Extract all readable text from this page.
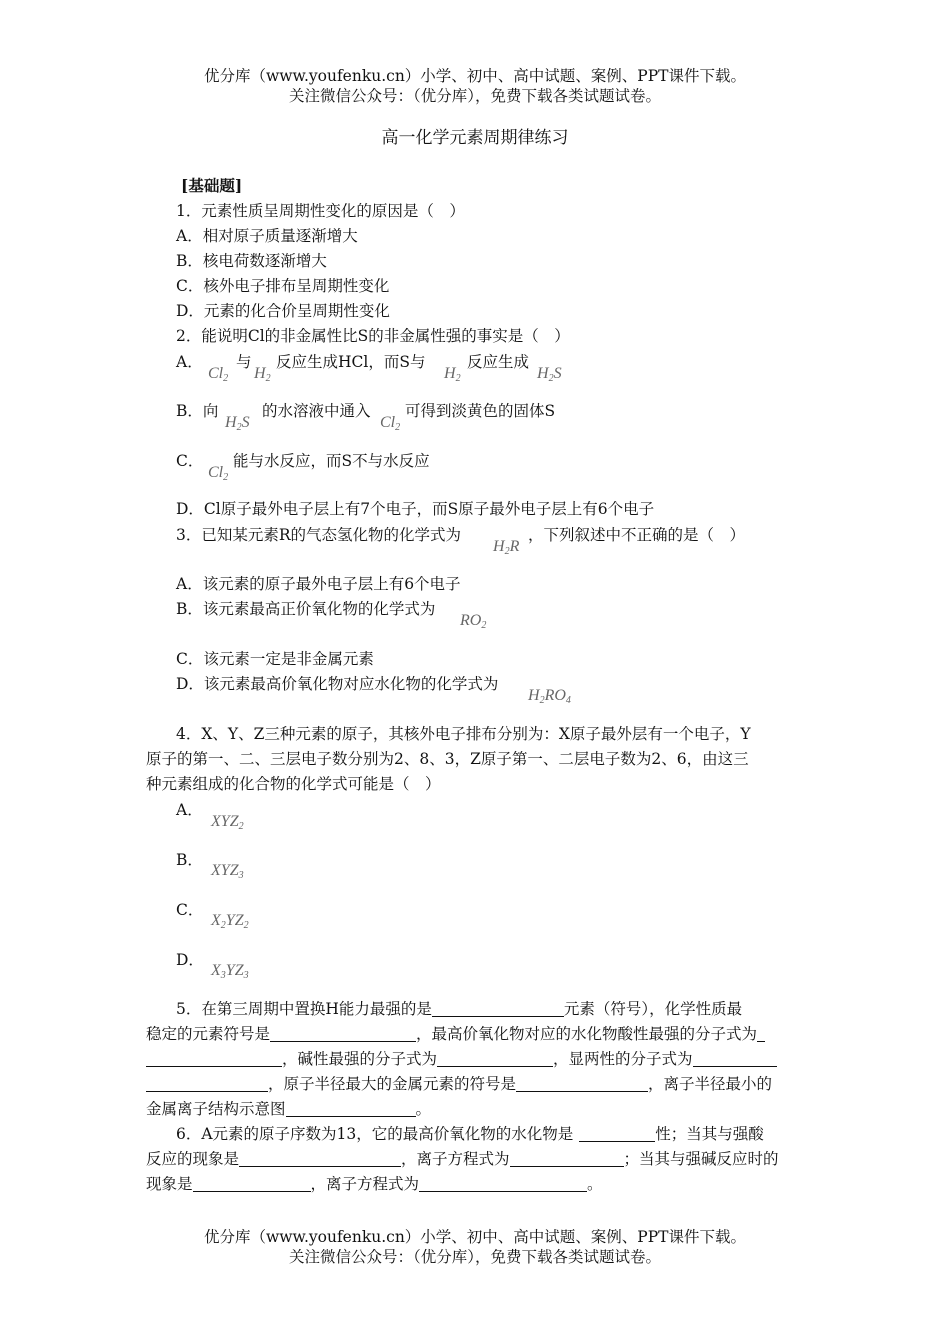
优分库（www.youfenku.cn）小学、初中、高中试题、案例、PPT课件下载。
关注微信公众号：（优分库），免费下载各类试题试卷。
高一化学元素周期律练习
[基础题]
1．元素性质呈周期性变化的原因是（　）
A．相对原子质量逐渐增大
B．核电荷数逐渐增大
C．核外电子排布呈周期性变化
D．元素的化合价呈周期性变化
2．能说明Cl的非金属性比S的非金属性强的事实是（　）
A．
$Cl_2$
与
$H_2$
反应生成HCl，而S与
$H_2$
反应生成
$H_2S$
B．向
$H_2S$
的水溶液中通入
$Cl_2$
可得到淡黄色的固体S
C．
$Cl_2$
能与水反应，而S不与水反应
D．Cl原子最外电子层上有7个电子，而S原子最外电子层上有6个电子
3．已知某元素R的气态氢化物的化学式为
$H_2R$
，下列叙述中不正确的是（　）
A．该元素的原子最外电子层上有6个电子
B．该元素最高正价氧化物的化学式为
$RO_2$
C．该元素一定是非金属元素
D．该元素最高价氧化物对应水化物的化学式为
$H_2RO_4$
4．X、Y、Z三种元素的原子，其核外电子排布分别为：X原子最外层有一个电子，Y
原子的第一、二、三层电子数分别为2、8、3，Z原子第一、二层电子数为2、6，由这三
种元素组成的化合物的化学式可能是（　）
A．
$XYZ_2$
B．
$XYZ_3$
C．
$X_2YZ_2$
D．
$X_3YZ_3$
5．在第三周期中置换H能力最强的是	元素（符号），化学性质最
稳定的元素符号是	，最高价氧化物对应的水化物酸性最强的分子式为
，碱性最强的分子式为	，显两性的分子式为
，原子半径最大的金属元素的符号是	，离子半径最小的
金属离子结构示意图	。
6．A元素的原子序数为13，它的最高价氧化物的水化物是	性；当其与强酸
反应的现象是	，离子方程式为	；当其与强碱反应时的
现象是	，离子方程式为	。
优分库（www.youfenku.cn）小学、初中、高中试题、案例、PPT课件下载。
关注微信公众号：（优分库），免费下载各类试题试卷。
